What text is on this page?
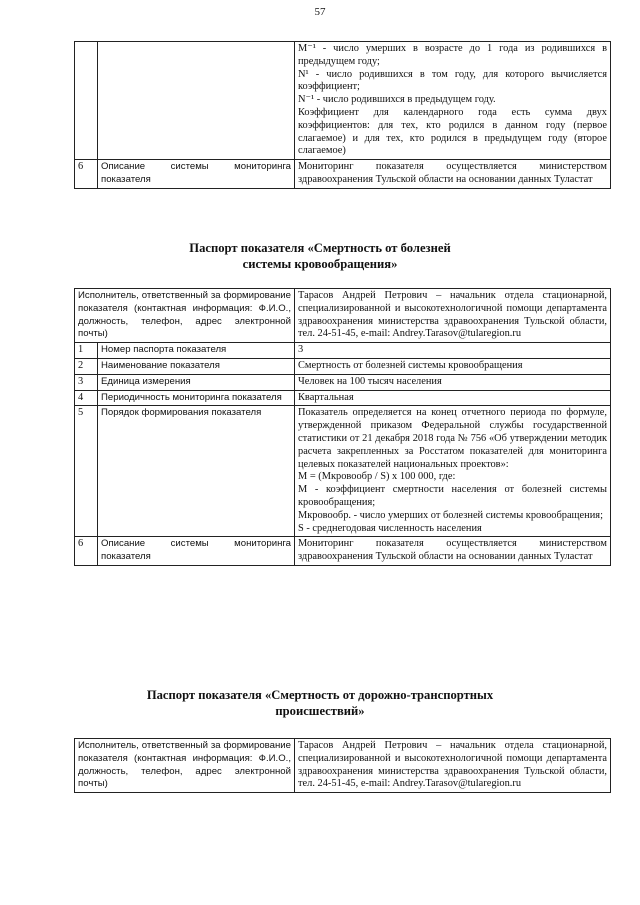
57

		M⁻¹ - число умерших в возрасте до 1 года из родившихся в предыдущем году;

N¹ - число родившихся в том году, для которого вычисляется коэффициент;

N⁻¹ - число родившихся в предыдущем году.

Коэффициент для календарного года есть сумма двух коэффициентов: для тех, кто родился в данном году (первое слагаемое) и для тех, кто родился в предыдущем году (второе слагаемое)

6	Описание системы мониторинга показателя	Мониторинг показателя осуществляется министерством здравоохранения Тульской области на основании данных Туластат
Паспорт показателя «Смертность от болезней
системы кровообращения»
Исполнитель, ответственный за формирование показателя (контактная информация: Ф.И.О., должность, телефон, адрес электронной почты)		Тарасов Андрей Петрович – начальник отдела стационарной, специализированной и высокотехнологичной помощи департамента здравоохранения министерства здравоохранения Тульской области, тел. 24-51-45, e-mail: Andrey.Tarasov@tularegion.ru
1	Номер паспорта показателя	3
2	Наименование показателя	Смертность от болезней системы кровообращения
3	Единица измерения	Человек на 100 тысяч населения
4	Периодичность мониторинга показателя	Квартальная
5	Порядок формирования показателя	Показатель определяется на конец отчетного периода по формуле, утвержденной приказом Федеральной службы государственной статистики от 21 декабря 2018 года № 756 «Об утверждении методик расчета закрепленных за Росстатом показателей для мониторинга целевых показателей национальных проектов»:

M = (Мкровообр / S) x 100 000, где:

M - коэффициент смертности населения от болезней системы кровообращения;

Мкровообр. - число умерших от болезней системы кровообращения;

S - среднегодовая численность населения

6	Описание системы мониторинга показателя	Мониторинг показателя осуществляется министерством здравоохранения Тульской области на основании данных Туластат
Паспорт показателя «Смертность от дорожно-транспортных
происшествий»
Исполнитель, ответственный за формирование показателя (контактная информация: Ф.И.О., должность, телефон, адрес электронной почты)	Тарасов Андрей Петрович – начальник отдела стационарной, специализированной и высокотехнологичной помощи департамента здравоохранения министерства здравоохранения Тульской области, тел. 24-51-45, e-mail: Andrey.Tarasov@tularegion.ru
